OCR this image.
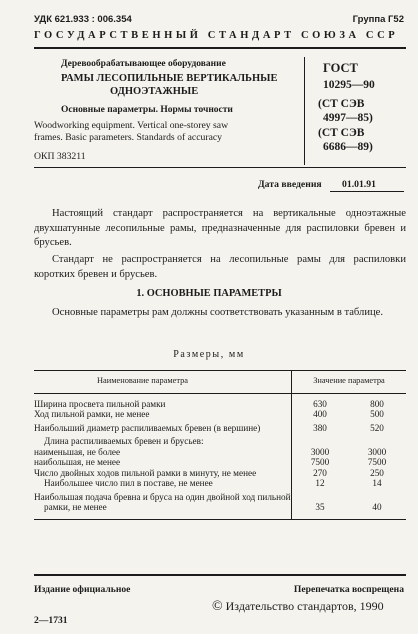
УДК 621.933 : 006.354	Группа Г52
ГОСУДАРСТВЕННЫЙ СТАНДАРТ СОЮЗА ССР
Деревообрабатывающее оборудование
РАМЫ ЛЕСОПИЛЬНЫЕ ВЕРТИКАЛЬНЫЕ
ОДНОЭТАЖНЫЕ
Основные параметры. Нормы точности
Woodworking equipment. Vertical one-storey saw
frames. Basic parameters. Standards of accuracy
ОКП 383211
ГОСТ
10295—90
(СТ СЭВ
4997—85)
(СТ СЭВ
6686—89)
Дата введения 01.01.91
Настоящий стандарт распространяется на вертикальные одноэтажные двухшатунные лесопильные рамы, предназначенные для распиловки бревен и брусьев.
Стандарт не распространяется на лесопильные рамы для распиловки коротких бревен и брусьев.
1. ОСНОВНЫЕ ПАРАМЕТРЫ
Основные параметры рам должны соответствовать указанным в таблице.
Размеры, мм
Наименование параметра	Значение параметра	
Ширина просвета пильной рамки	630	800
Ход пильной рамки, не менее	400	500
Наибольший диаметр распиливаемых бревен (в вершине)	380	520
Длина распиливаемых бревен и брусьев:		
наименьшая, не более	3000	3000
наибольшая, не менее	7500	7500
Число двойных ходов пильной рамки в минуту, не менее	270	250
Наибольшее число пил в поставе, не менее	12	14
Наибольшая подача бревна и бруса на один двойной ход пильной рамки, не менее	35	40
Издание официальное	Перепечатка воспрещена
© Издательство стандартов, 1990
2—1731
